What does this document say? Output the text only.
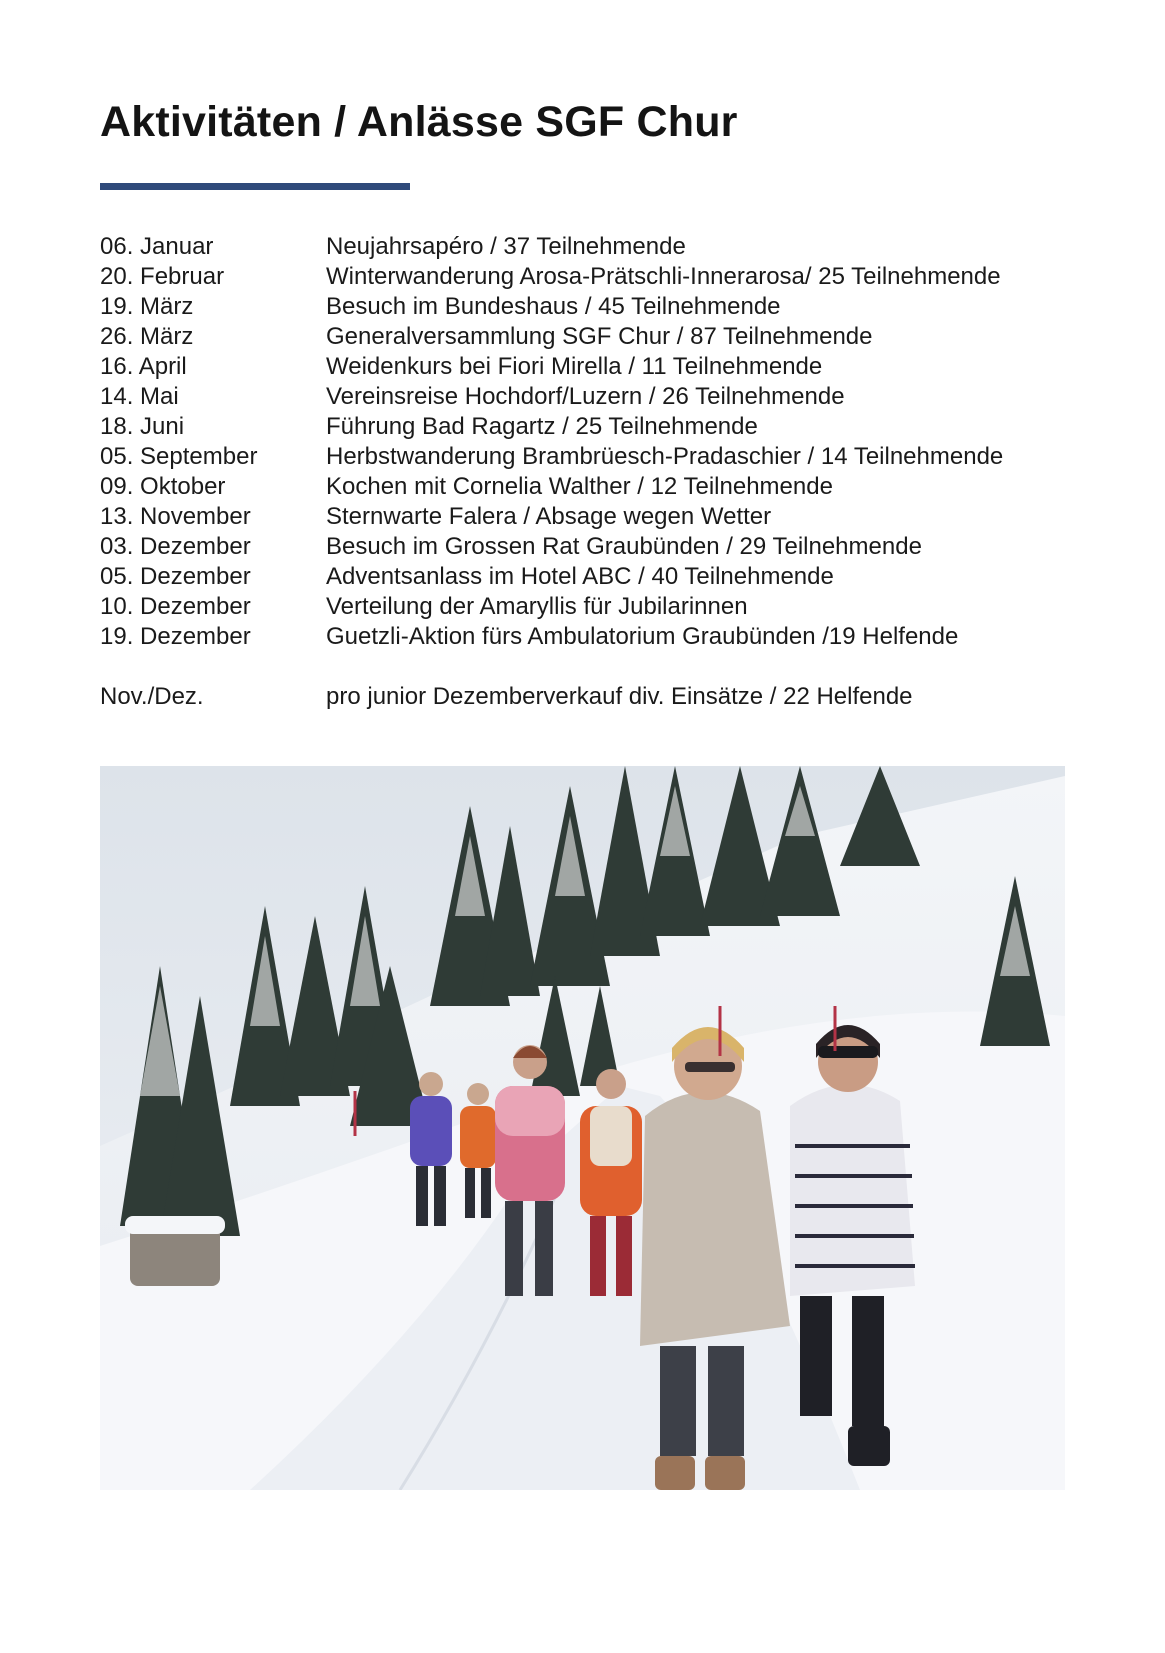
Aktivitäten / Anlässe SGF Chur
06. Januar	Neujahrsapéro / 37 Teilnehmende
20. Februar	Winterwanderung Arosa-Prätschli-Innerarosa/ 25 Teilnehmende
19. März	Besuch im Bundeshaus / 45 Teilnehmende
26. März	Generalversammlung SGF Chur / 87 Teilnehmende
16. April	Weidenkurs bei Fiori Mirella / 11 Teilnehmende
14. Mai	Vereinsreise Hochdorf/Luzern / 26 Teilnehmende
18. Juni	Führung Bad Ragartz / 25 Teilnehmende
05. September	Herbstwanderung Brambrüesch-Pradaschier / 14 Teilnehmende
09. Oktober	Kochen mit Cornelia Walther / 12 Teilnehmende
13. November	Sternwarte Falera / Absage wegen Wetter
03. Dezember	Besuch im Grossen Rat Graubünden / 29 Teilnehmende
05. Dezember	Adventsanlass im Hotel ABC / 40 Teilnehmende
10. Dezember	Verteilung der Amaryllis für Jubilarinnen
19. Dezember	Guetzli-Aktion fürs Ambulatorium Graubünden /19 Helfende
Nov./Dez.	pro junior Dezemberverkauf div. Einsätze / 22 Helfende
